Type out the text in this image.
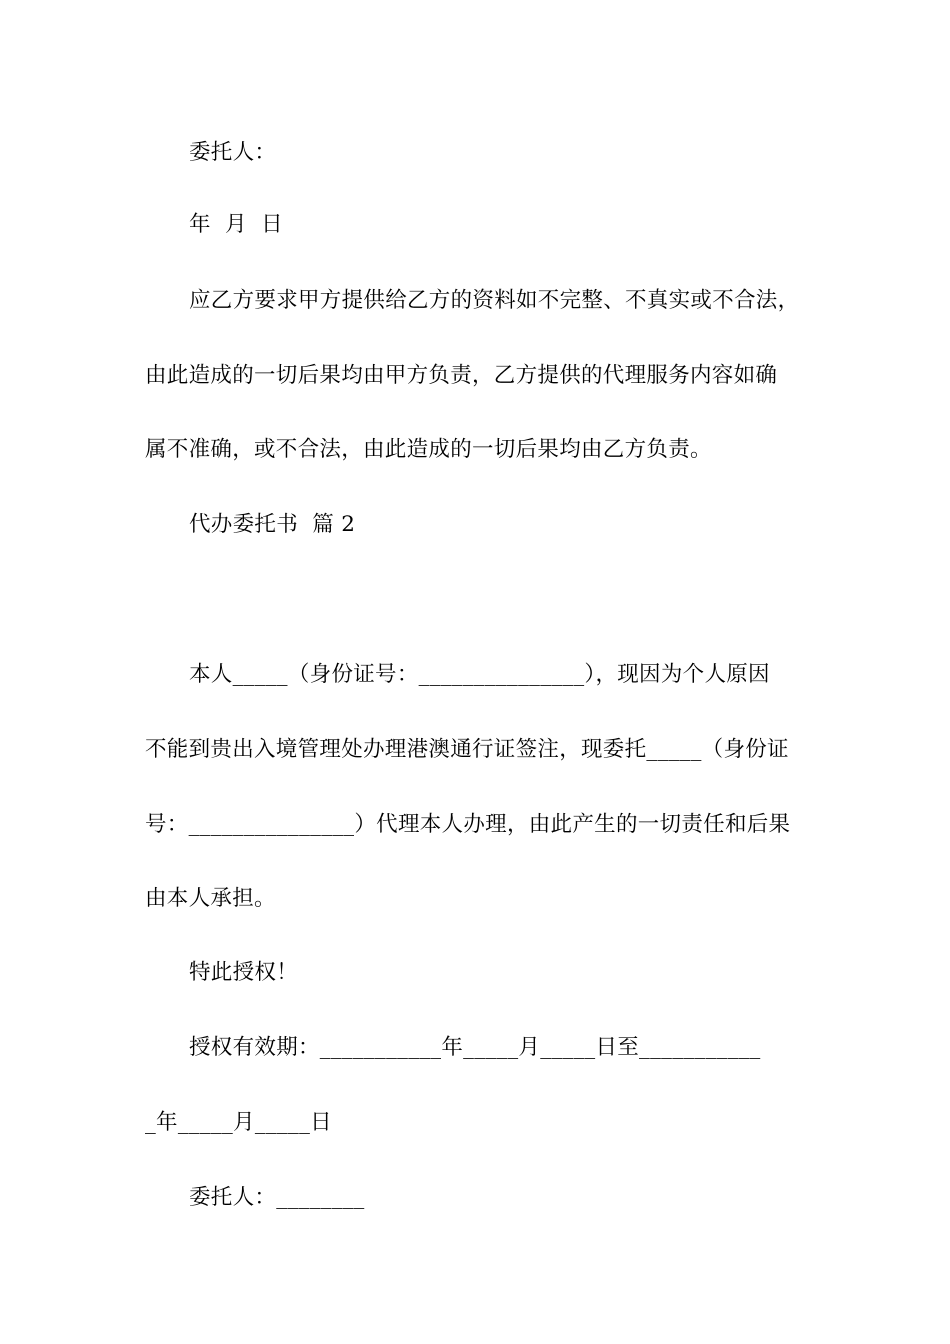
委托人：
年  月  日
应乙方要求甲方提供给乙方的资料如不完整、不真实或不合法，
由此造成的一切后果均由甲方负责，乙方提供的代理服务内容如确
属不准确，或不合法，由此造成的一切后果均由乙方负责。
代办委托书  篇 2
本人_____（身份证号：_______________），现因为个人原因
不能到贵出入境管理处办理港澳通行证签注，现委托_____（身份证
号：_______________）代理本人办理，由此产生的一切责任和后果
由本人承担。
特此授权！
授权有效期：___________年_____月_____日至___________
_年_____月_____日
委托人：________
